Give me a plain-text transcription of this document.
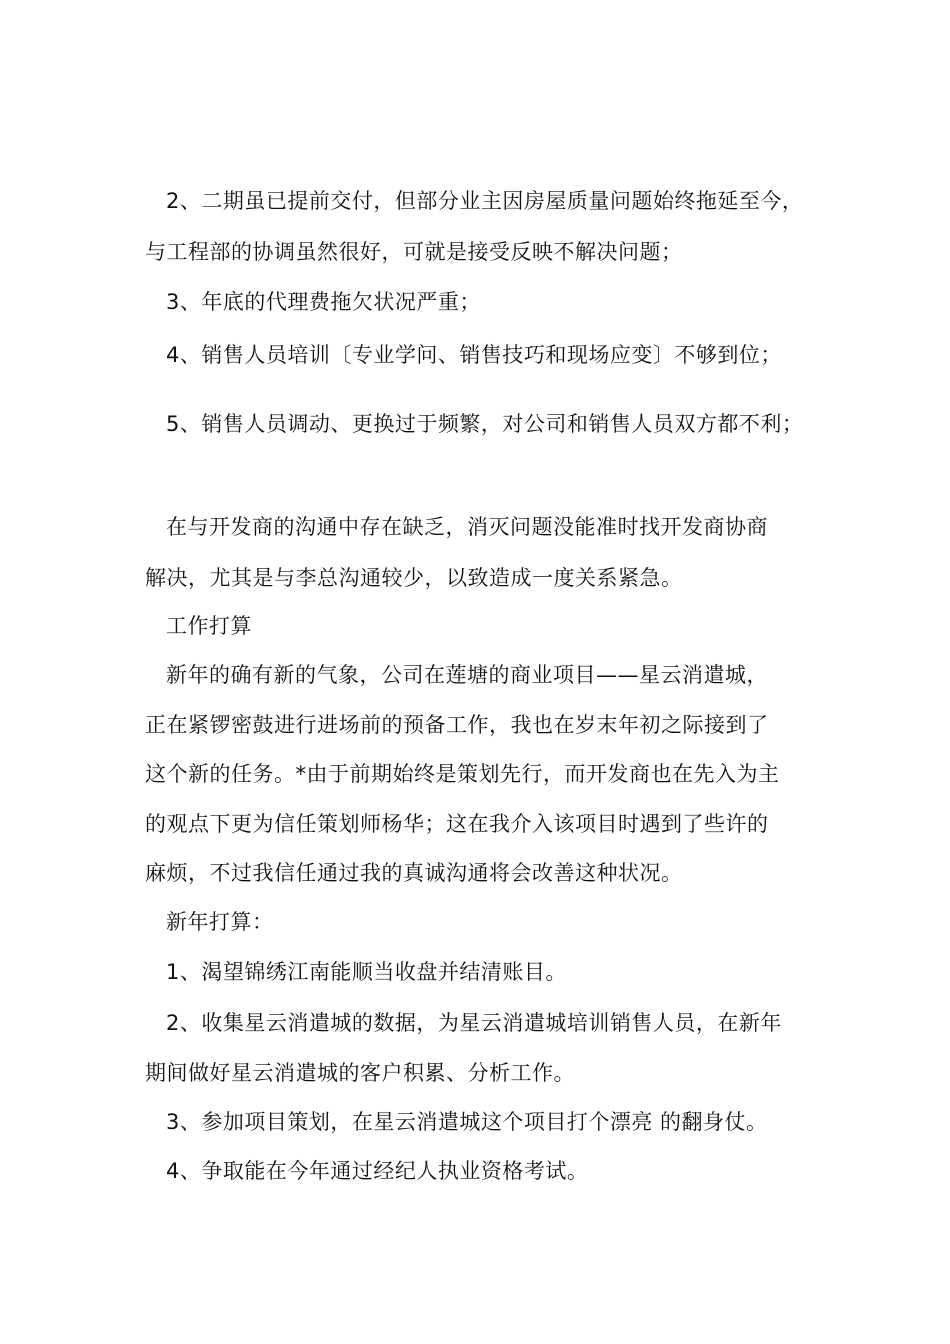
2、二期虽已提前交付，但部分业主因房屋质量问题始终拖延至今，
与工程部的协调虽然很好，可就是接受反映不解决问题；
3、年底的代理费拖欠状况严重；
4、销售人员培训〔专业学问、销售技巧和现场应变〕不够到位；
5、销售人员调动、更换过于频繁，对公司和销售人员双方都不利；
在与开发商的沟通中存在缺乏，消灭问题没能准时找开发商协商
解决，尤其是与李总沟通较少，以致造成一度关系紧急。
工作打算
新年的确有新的气象，公司在莲塘的商业项目——星云消遣城，
正在紧锣密鼓进行进场前的预备工作，我也在岁末年初之际接到了
这个新的任务。*由于前期始终是策划先行，而开发商也在先入为主
的观点下更为信任策划师杨华；这在我介入该项目时遇到了些许的
麻烦，不过我信任通过我的真诚沟通将会改善这种状况。
新年打算：
1、渴望锦绣江南能顺当收盘并结清账目。
2、收集星云消遣城的数据，为星云消遣城培训销售人员，在新年
期间做好星云消遣城的客户积累、分析工作。
3、参加项目策划，在星云消遣城这个项目打个漂亮 的翻身仗。
4、争取能在今年通过经纪人执业资格考试。
